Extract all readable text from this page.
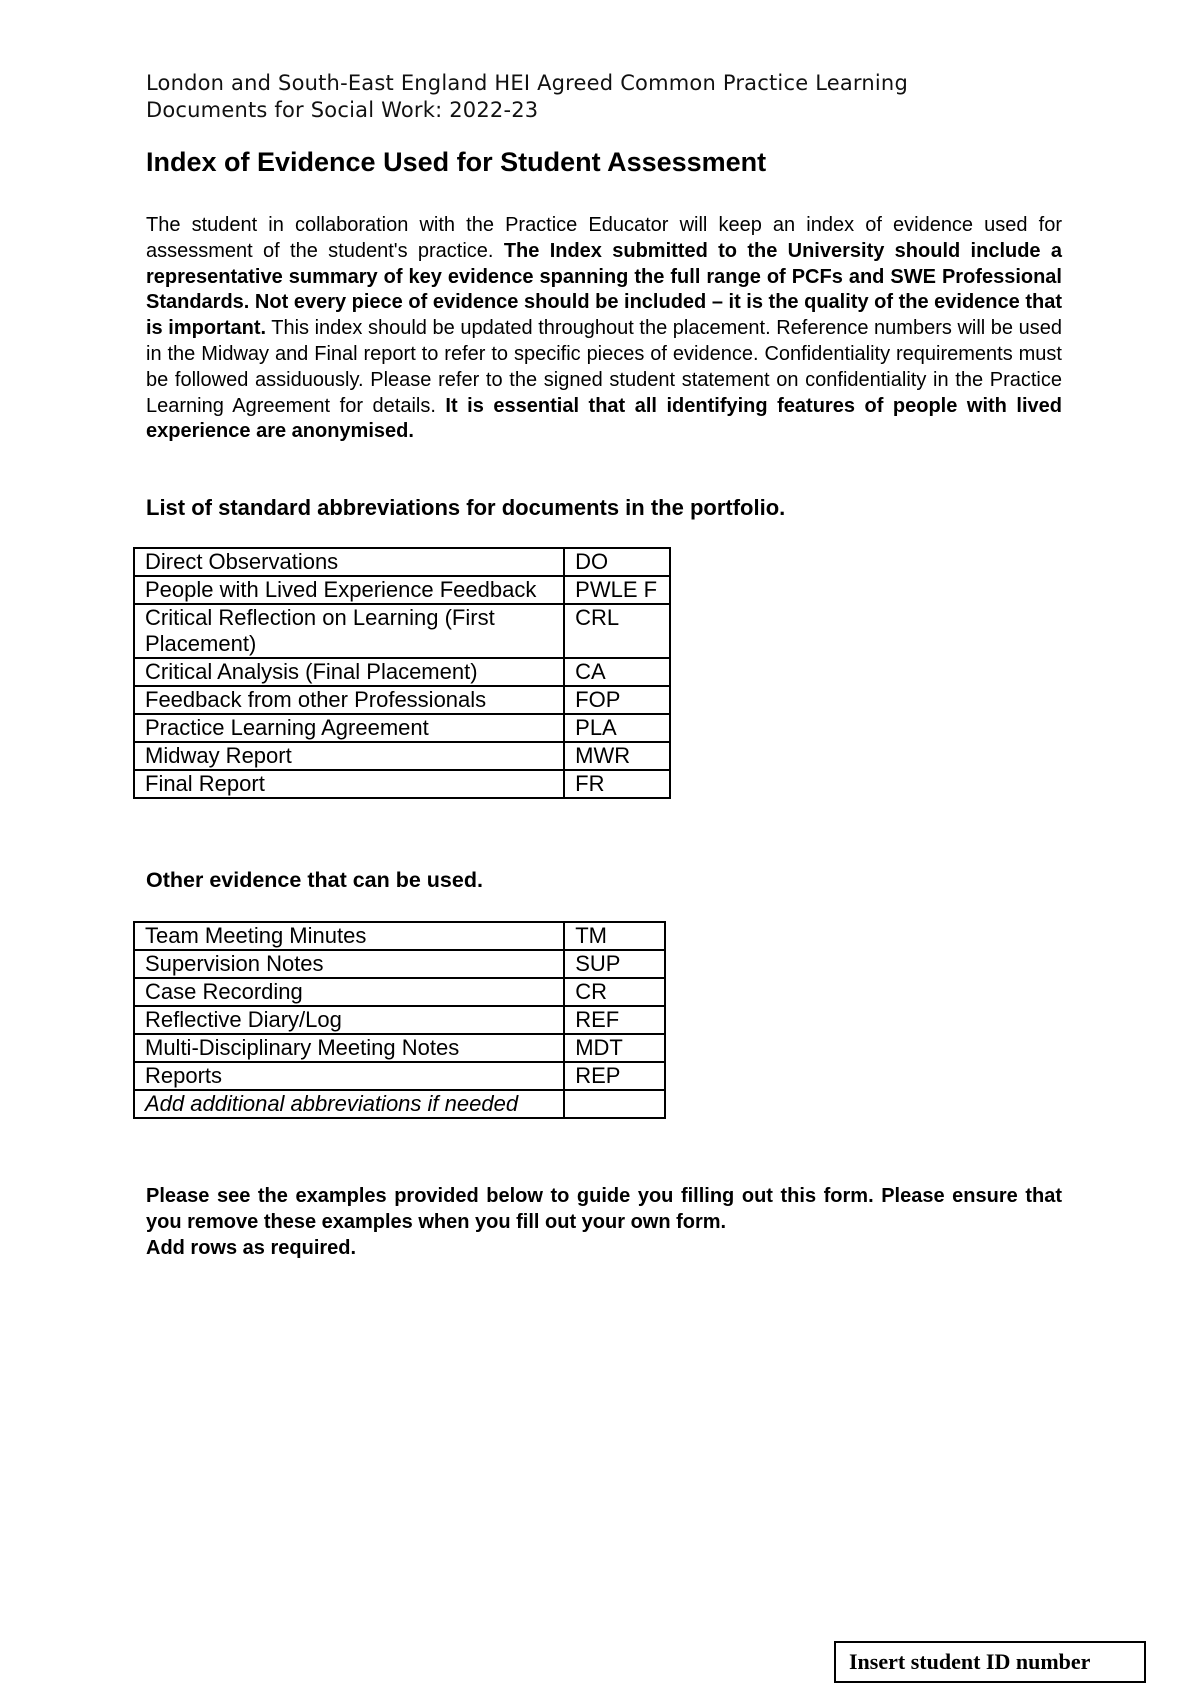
London and South-East England HEI Agreed Common Practice Learning
Documents for Social Work: 2022-23
Index of Evidence Used for Student Assessment

The student in collaboration with the Practice Educator will keep an index of evidence used for assessment of the student's practice. The Index submitted to the University should include a representative summary of key evidence spanning the full range of PCFs and SWE Professional Standards. Not every piece of evidence should be included – it is the quality of the evidence that is important. This index should be updated throughout the placement. Reference numbers will be used in the Midway and Final report to refer to specific pieces of evidence. Confidentiality requirements must be followed assiduously. Please refer to the signed student statement on confidentiality in the Practice Learning Agreement for details. It is essential that all identifying features of people with lived experience are anonymised.

List of standard abbreviations for documents in the portfolio.
Direct Observations	DO
People with Lived Experience Feedback	PWLE F
Critical Reflection on Learning (First Placement)	CRL
Critical Analysis (Final Placement)	CA
Feedback from other Professionals	FOP
Practice Learning Agreement	PLA
Midway Report	MWR
Final Report	FR
Other evidence that can be used.
Team Meeting Minutes	TM
Supervision Notes	SUP
Case Recording	CR
Reflective Diary/Log	REF
Multi-Disciplinary Meeting Notes	MDT
Reports	REP
Add additional abbreviations if needed	

Please see the examples provided below to guide you filling out this form. Please ensure that you remove these examples when you fill out your own form.
Add rows as required.

Insert student ID number
